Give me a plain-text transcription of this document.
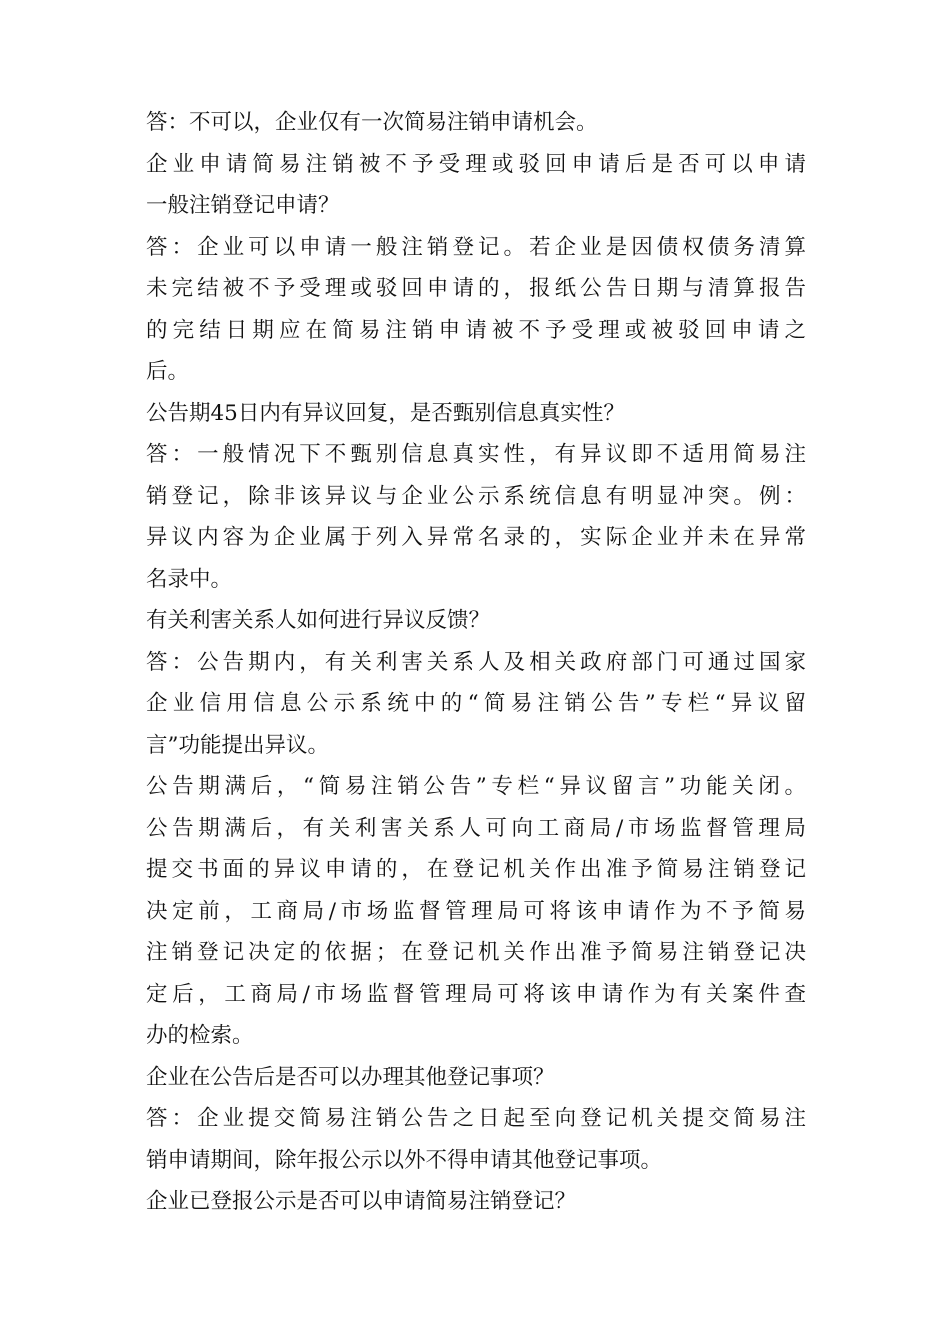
答：不可以，企业仅有一次简易注销申请机会。
企业申请简易注销被不予受理或驳回申请后是否可以申请
一般注销登记申请？
答：企业可以申请一般注销登记。若企业是因债权债务清算
未完结被不予受理或驳回申请的，报纸公告日期与清算报告
的完结日期应在简易注销申请被不予受理或被驳回申请之
后。
公告期45日内有异议回复，是否甄别信息真实性？
答：一般情况下不甄别信息真实性，有异议即不适用简易注
销登记，除非该异议与企业公示系统信息有明显冲突。例：
异议内容为企业属于列入异常名录的，实际企业并未在异常
名录中。
有关利害关系人如何进行异议反馈？
答：公告期内，有关利害关系人及相关政府部门可通过国家
企业信用信息公示系统中的“简易注销公告”专栏“异议留
言”功能提出异议。
公告期满后，“简易注销公告”专栏“异议留言”功能关闭。
公告期满后，有关利害关系人可向工商局/市场监督管理局
提交书面的异议申请的，在登记机关作出准予简易注销登记
决定前，工商局/市场监督管理局可将该申请作为不予简易
注销登记决定的依据；在登记机关作出准予简易注销登记决
定后，工商局/市场监督管理局可将该申请作为有关案件查
办的检索。
企业在公告后是否可以办理其他登记事项？
答：企业提交简易注销公告之日起至向登记机关提交简易注
销申请期间，除年报公示以外不得申请其他登记事项。
企业已登报公示是否可以申请简易注销登记？
